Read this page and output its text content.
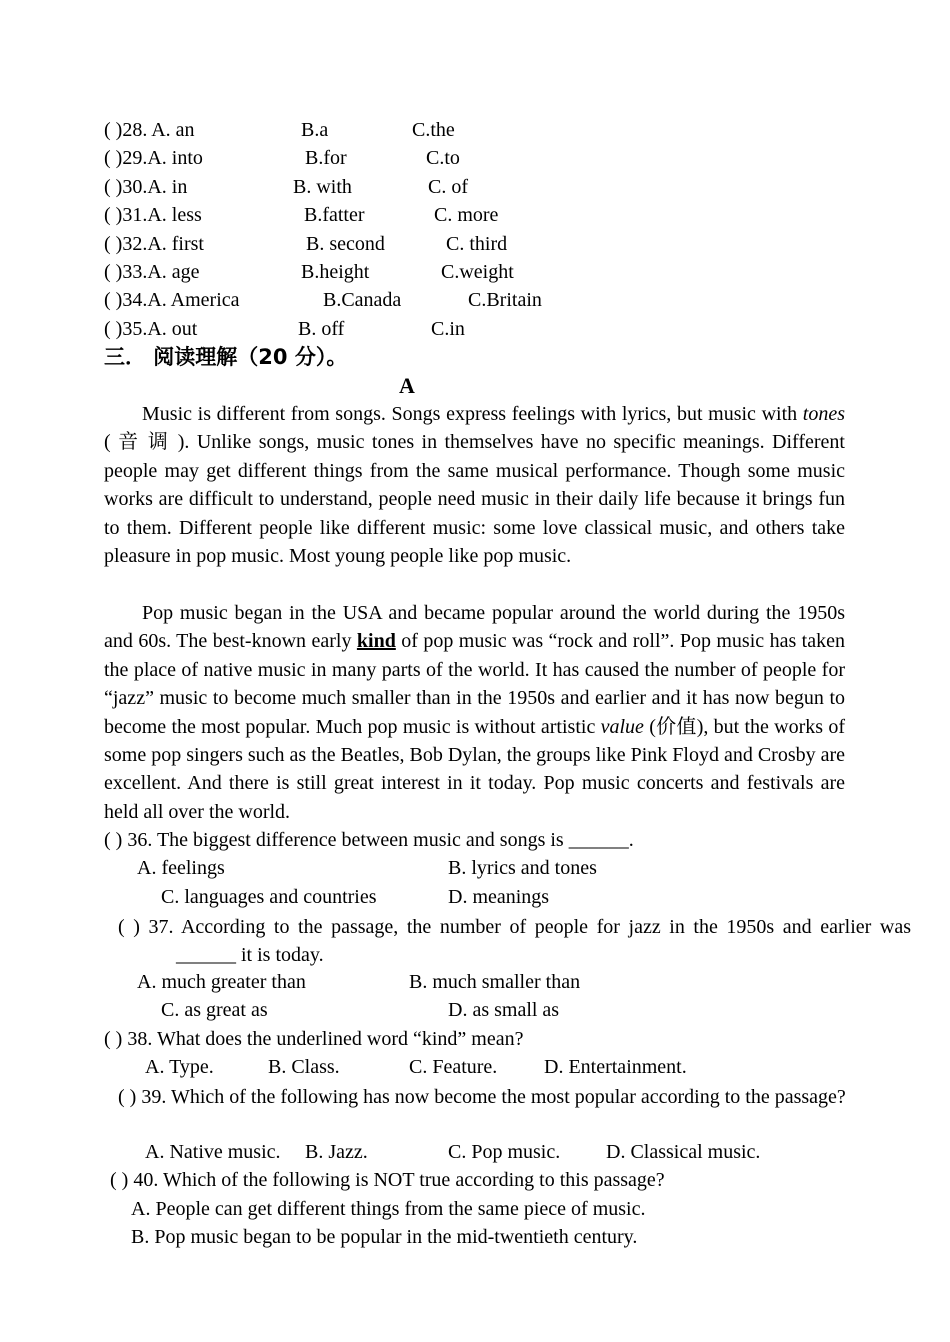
( )28. A. an	B.a	C.the
( )29.A. into	B.for	C.to
( )30.A. in	B. with	C. of
( )31.A. less	B.fatter	C. more
( )32.A. first	B. second	C. third
( )33.A. age	B.height	C.weight
( )34.A. America	B.Canada	C.Britain
( )35.A. out	B. off	C.in
三． 阅读理解（20 分）。
A
Music is different from songs. Songs express feelings with lyrics, but music with tones ( 音 调 ). Unlike songs, music tones in themselves have no specific meanings. Different people may get different things from the same musical performance. Though some music works are difficult to understand, people need music in their daily life because it brings fun to them. Different people like different music: some love classical music, and others take pleasure in pop music. Most young people like pop music.
Pop music began in the USA and became popular around the world during the 1950s and 60s. The best-known early kind of pop music was “rock and roll”. Pop music has taken the place of native music in many parts of the world. It has caused the number of people for “jazz” music to become much smaller than in the 1950s and earlier and it has now begun to become the most popular. Much pop music is without artistic value (价值), but the works of some pop singers such as the Beatles, Bob Dylan, the groups like Pink Floyd and Crosby are excellent. And there is still great interest in it today. Pop music concerts and festivals are held all over the world.
( ) 36. The biggest difference between music and songs is ______.
A. feelings	B. lyrics and tones
C. languages and countries	D. meanings
( ) 37. According to the passage, the number of people for jazz in the 1950s and earlier was ______ it is today.
A. much greater than	B. much smaller than
C. as great as	D. as small as
( ) 38. What does the underlined word “kind” mean?
A. Type.	B. Class.	C. Feature. D. Entertainment.
( ) 39. Which of the following has now become the most popular according to the passage?
A. Native music. B. Jazz.	C. Pop music. D. Classical music.
( ) 40. Which of the following is NOT true according to this passage?
A. People can get different things from the same piece of music.
B. Pop music began to be popular in the mid-twentieth century.
